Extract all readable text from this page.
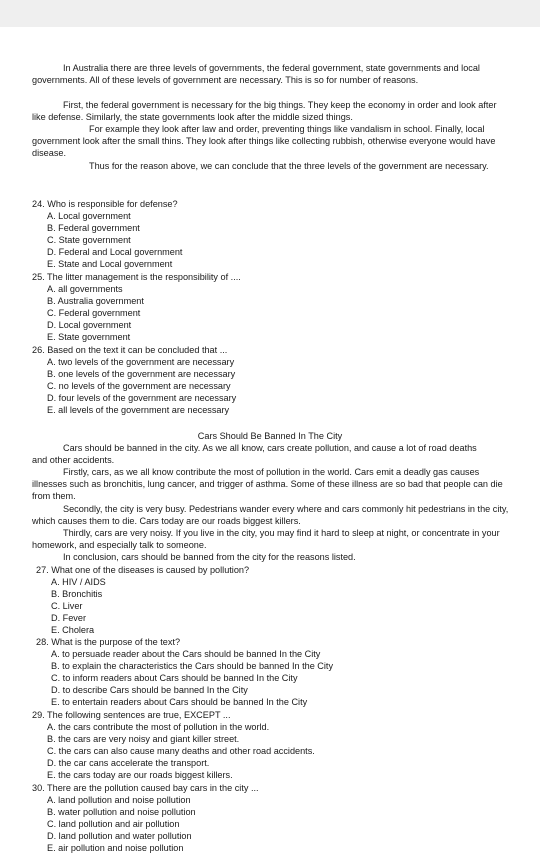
In Australia there are three levels of governments, the federal government, state governments and local governments. All of these levels of government are necessary. This is so for number of reasons.

First, the federal government is necessary for the big things. They keep the economy in order and look after like defense. Similarly, the state governments look after the middle sized things.

For example they look after law and order, preventing things like vandalism in school. Finally, local government look after the small thins. They look after things like collecting rubbish, otherwise everyone would have disease.

Thus for the reason above, we can conclude that the three levels of the government are necessary.

24. Who is responsible for defense?
A. Local government
B. Federal government
C. State government
D. Federal and Local government
E. State and Local government
25. The litter management is the responsibility of ....
A. all governments
B. Australia government
C. Federal government
D. Local government
E. State government
26. Based on the text it can be concluded that ...
A. two levels of the government are necessary
B. one levels of the government are necessary
C. no levels of the government are necessary
D. four levels of the government are necessary
E. all levels of the government are necessary
Cars Should Be Banned In The City

Cars should be banned in the city. As we all know, cars create pollution, and cause a lot of road deaths and other accidents.

Firstly, cars, as we all know contribute the most of pollution in the world. Cars emit a deadly gas causes illnesses such as bronchitis, lung cancer, and trigger of asthma. Some of these illness are so bad that people can die from them.

Secondly, the city is very busy. Pedestrians wander every where and cars commonly hit pedestrians in the city, which causes them to die. Cars today are our roads biggest killers.

Thirdly, cars are very noisy. If you live in the city, you may find it hard to sleep at night, or concentrate in your homework, and especially talk to someone.

In conclusion, cars should be banned from the city for the reasons listed.

27. What one of the diseases is caused by pollution?
A. HIV / AIDS
B. Bronchitis
C. Liver
D. Fever
E. Cholera
28. What is the purpose of the text?
A. to persuade reader about the Cars should be banned In the City
B. to explain the characteristics the Cars should be banned In the City
C. to inform readers about Cars should be banned In the City
D. to describe Cars should be banned In the City
E. to entertain readers about Cars should be banned In the City
29. The following sentences are true, EXCEPT ...
A. the cars contribute the most of pollution in the world.
B. the cars are very noisy and giant killer street.
C. the cars can also cause many deaths and other road accidents.
D. the car cans accelerate the transport.
E. the cars today are our roads biggest killers.
30. There are the pollution caused bay cars in the city ...
A. land pollution and noise pollution
B. water pollution and noise pollution
C. land pollution and air pollution
D. land pollution and water pollution
E. air pollution and noise pollution
